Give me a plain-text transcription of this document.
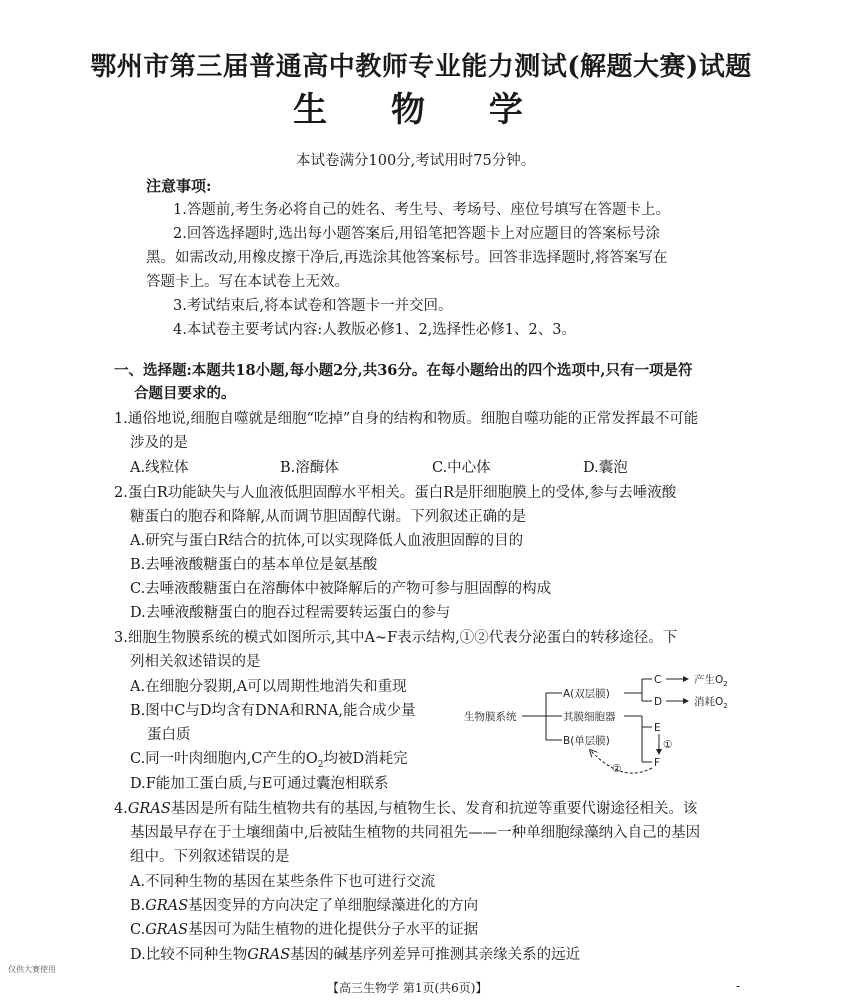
鄂州市第三届普通高中教师专业能力测试(解题大赛)试题
生 物 学
本试卷满分100分,考试用时75分钟。
注意事项:
1.答题前,考生务必将自己的姓名、考生号、考场号、座位号填写在答题卡上。
2.回答选择题时,选出每小题答案后,用铅笔把答题卡上对应题目的答案标号涂
黑。如需改动,用橡皮擦干净后,再选涂其他答案标号。回答非选择题时,将答案写在
答题卡上。写在本试卷上无效。
3.考试结束后,将本试卷和答题卡一并交回。
4.本试卷主要考试内容:人教版必修1、2,选择性必修1、2、3。
一、选择题:本题共18小题,每小题2分,共36分。在每小题给出的四个选项中,只有一项是符
合题目要求的。
1.通俗地说,细胞自噬就是细胞“吃掉”自身的结构和物质。细胞自噬功能的正常发挥最不可能
涉及的是
A.线粒体	B.溶酶体	C.中心体	D.囊泡
2.蛋白R功能缺失与人血液低胆固醇水平相关。蛋白R是肝细胞膜上的受体,参与去唾液酸
糖蛋白的胞吞和降解,从而调节胆固醇代谢。下列叙述正确的是
A.研究与蛋白R结合的抗体,可以实现降低人血液胆固醇的目的
B.去唾液酸糖蛋白的基本单位是氨基酸
C.去唾液酸糖蛋白在溶酶体中被降解后的产物可参与胆固醇的构成
D.去唾液酸糖蛋白的胞吞过程需要转运蛋白的参与
3.细胞生物膜系统的模式如图所示,其中A~F表示结构,①②代表分泌蛋白的转移途径。下
列相关叙述错误的是
A.在细胞分裂期,A可以周期性地消失和重现
B.图中C与D均含有DNA和RNA,能合成少量
蛋白质
C.同一叶肉细胞内,C产生的$O_2$均被D消耗完
D.F能加工蛋白质,与E可通过囊泡相联系
生物膜系统
A(双层膜)
其膜细胞器
B(单层膜)
C
D
产生$O_2$
消耗$O_2$
E
F
①
②
4.GRAS基因是所有陆生植物共有的基因,与植物生长、发育和抗逆等重要代谢途径相关。该
基因最早存在于土壤细菌中,后被陆生植物的共同祖先——一种单细胞绿藻纳入自己的基因
组中。下列叙述错误的是
A.不同种生物的基因在某些条件下也可进行交流
B.GRAS基因变异的方向决定了单细胞绿藻进化的方向
C.GRAS基因可为陆生植物的进化提供分子水平的证据
D.比较不同种生物GRAS基因的碱基序列差异可推测其亲缘关系的远近
仅供大赛使用
【高三生物学 第1页(共6页)】	-
